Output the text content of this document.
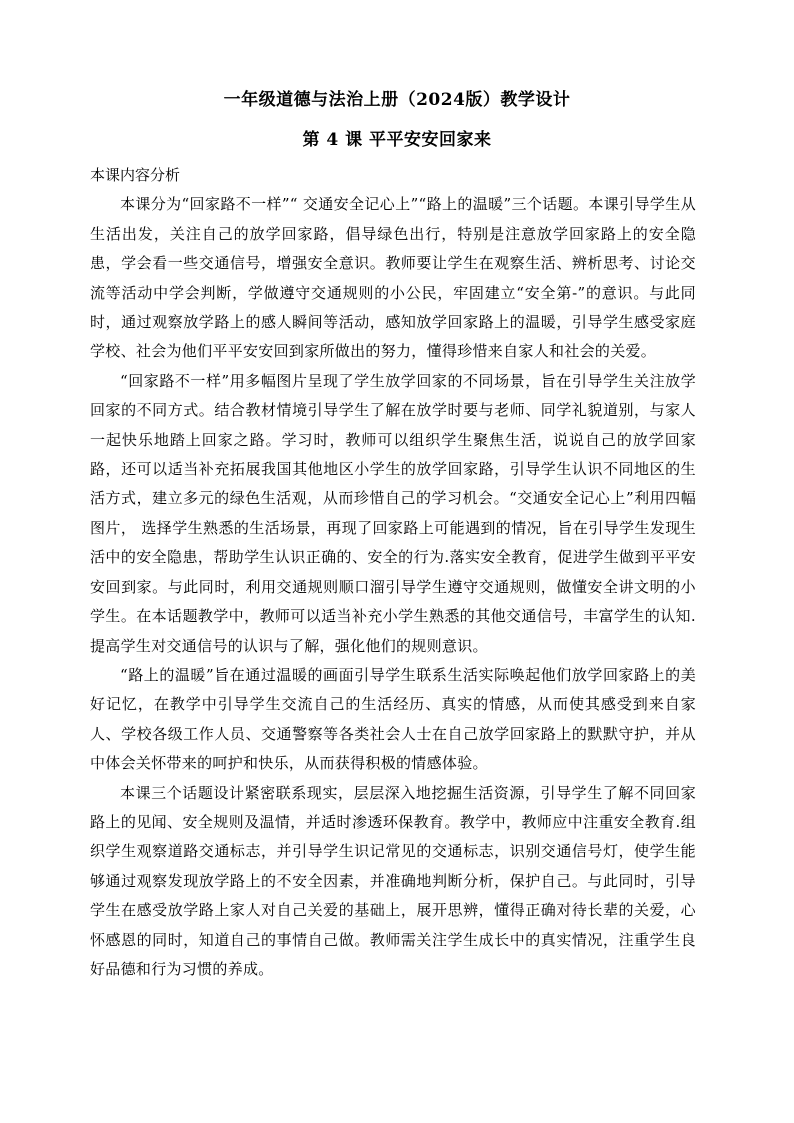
一年级道德与法治上册（2024版）教学设计
第 4 课 平平安安回家来
本课内容分析

本课分为“回家路不一样”“ 交通安全记心上”“路上的温暖”三个话题。本课引导学生从生活出发，关注自己的放学回家路，倡导绿色出行，特别是注意放学回家路上的安全隐患，学会看一些交通信号，增强安全意识。教师要让学生在观察生活、辨析思考、讨论交流等活动中学会判断，学做遵守交通规则的小公民，牢固建立“安全第-”的意识。与此同时，通过观察放学路上的感人瞬间等活动，感知放学回家路上的温暖，引导学生感受家庭学校、社会为他们平平安安回到家所做出的努力，懂得珍惜来自家人和社会的关爱。

“回家路不一样”用多幅图片呈现了学生放学回家的不同场景，旨在引导学生关注放学回家的不同方式。结合教材情境引导学生了解在放学时要与老师、同学礼貌道别，与家人一起快乐地踏上回家之路。学习时，教师可以组织学生聚焦生活，说说自己的放学回家路，还可以适当补充拓展我国其他地区小学生的放学回家路，引导学生认识不同地区的生活方式，建立多元的绿色生活观，从而珍惜自己的学习机会。“交通安全记心上”利用四幅图片， 选择学生熟悉的生活场景，再现了回家路上可能遇到的情况，旨在引导学生发现生活中的安全隐患，帮助学生认识正确的、安全的行为.落实安全教育，促进学生做到平平安安回到家。与此同时，利用交通规则顺口溜引导学生遵守交通规则，做懂安全讲文明的小学生。在本话题教学中，教师可以适当补充小学生熟悉的其他交通信号，丰富学生的认知.提高学生对交通信号的认识与了解，强化他们的规则意识。

“路上的温暖”旨在通过温暖的画面引导学生联系生活实际唤起他们放学回家路上的美好记忆，在教学中引导学生交流自己的生活经历、真实的情感，从而使其感受到来自家人、学校各级工作人员、交通警察等各类社会人士在自己放学回家路上的默默守护，并从中体会关怀带来的呵护和快乐，从而获得积极的情感体验。

本课三个话题设计紧密联系现实，层层深入地挖掘生活资源，引导学生了解不同回家路上的见闻、安全规则及温情，并适时渗透环保教育。教学中，教师应中注重安全教育.组织学生观察道路交通标志，并引导学生识记常见的交通标志，识别交通信号灯，使学生能够通过观察发现放学路上的不安全因素，并准确地判断分析，保护自己。与此同时，引导学生在感受放学路上家人对自己关爱的基础上，展开思辨，懂得正确对待长辈的关爱，心怀感恩的同时，知道自己的事情自己做。教师需关注学生成长中的真实情况，注重学生良好品德和行为习惯的养成。
